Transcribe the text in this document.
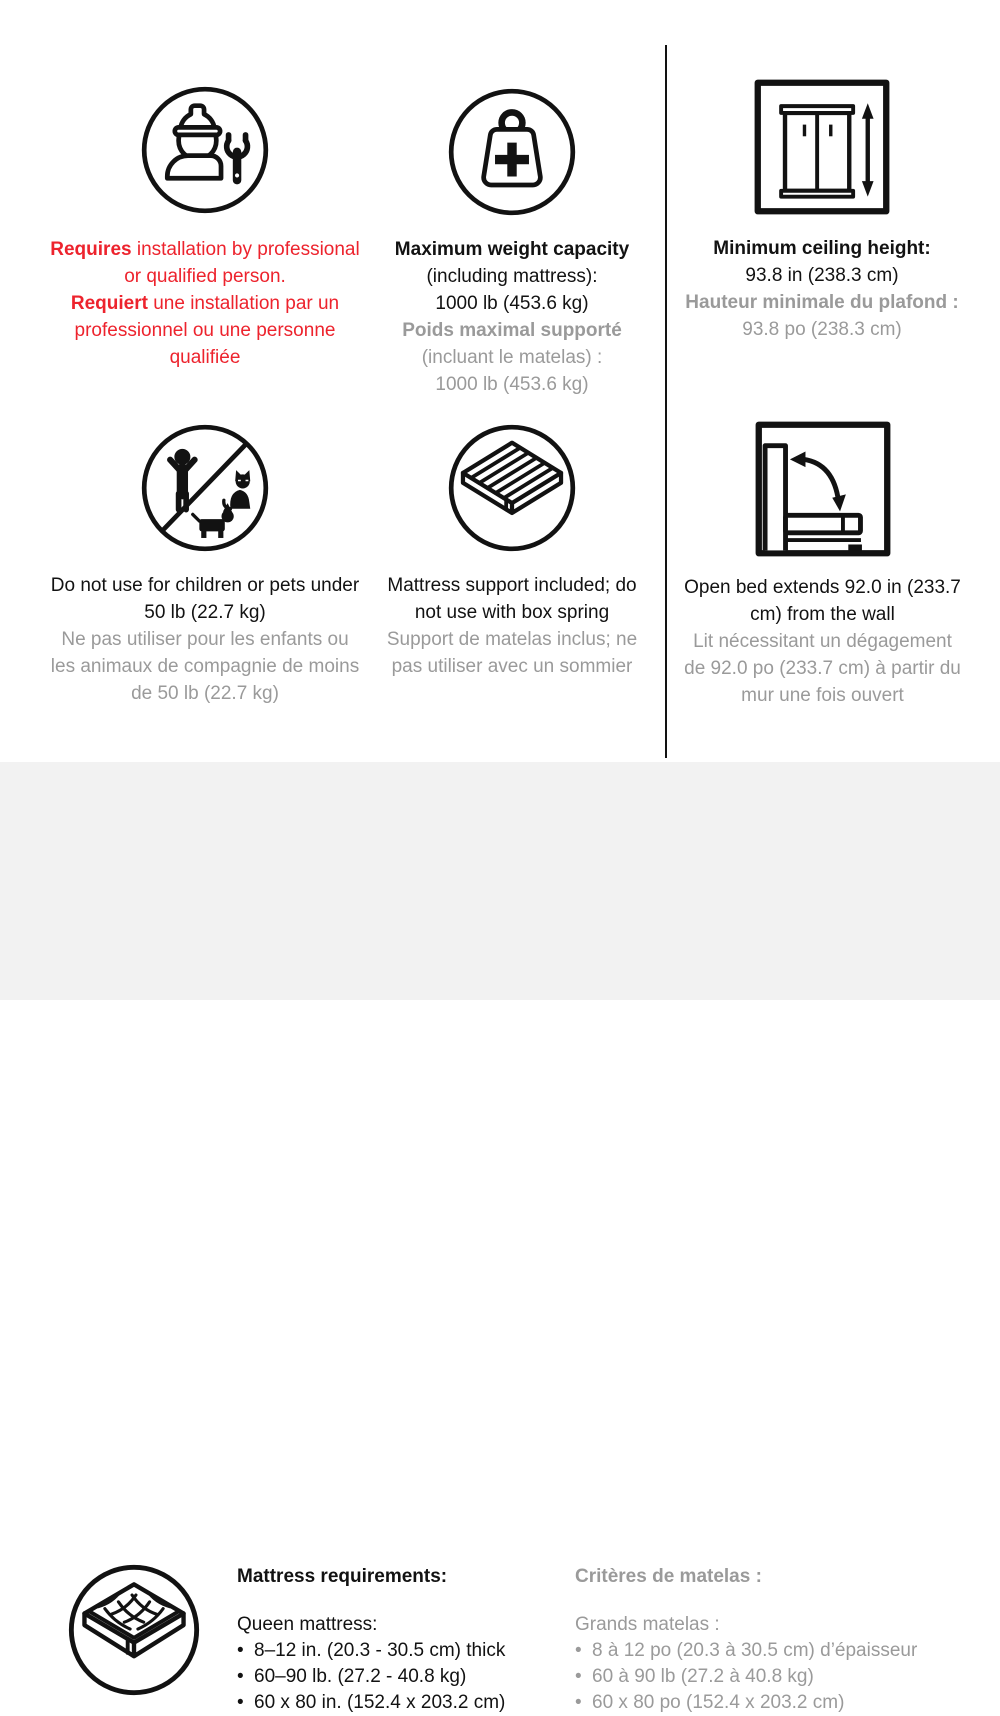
Requires installation by professional or qualified person.

Requiert une installation par un professionnel ou une personne qualifiée

Maximum weight capacity
(including mattress):
1000 lb (453.6 kg)

Poids maximal supporté
(incluant le matelas) :
1000 lb (453.6 kg)

Minimum ceiling height:
93.8 in (238.3 cm)

Hauteur minimale du plafond :
93.8 po (238.3 cm)

Do not use for children or pets under 50 lb (22.7 kg)

Ne pas utiliser pour les enfants ou les animaux de compagnie de moins de 50 lb (22.7 kg)

Mattress support included; do not use with box spring

Support de matelas inclus; ne pas utiliser avec un sommier

Open bed extends 92.0 in (233.7 cm) from the wall

Lit nécessitant un dégagement de 92.0 po (233.7 cm) à partir du mur une fois ouvert

Mattress requirements:

Queen mattress:

• 8–12 in. (20.3 - 30.5 cm) thick
• 60–90 lb. (27.2 - 40.8 kg)
• 60 x 80 in. (152.4 x 203.2 cm)

Critères de matelas :

Grands matelas :

• 8 à 12 po (20.3 à 30.5 cm) d’épaisseur
• 60 à 90 lb (27.2 à 40.8 kg)
• 60 x 80 po (152.4 x 203.2 cm)
